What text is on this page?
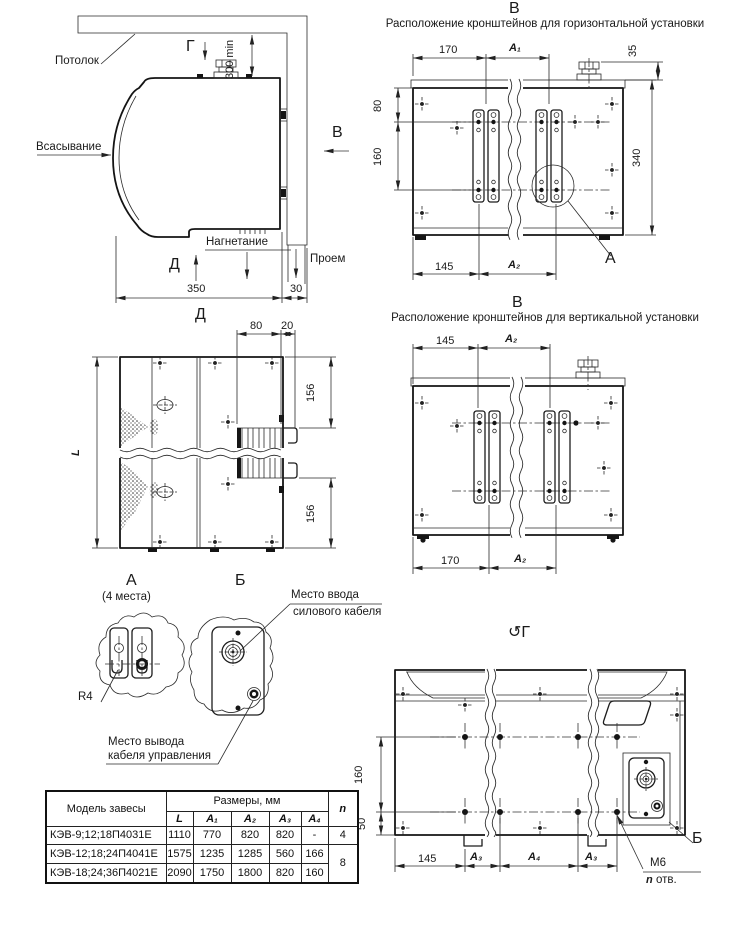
Потолок
Г	300 min
В
Всасывание
Нагнетание
Д	Проем
350	30
В
Расположение кронштейнов для горизонтальной установки
170	A₁	35
80
160	340
145	A₂	А
Д
80 20
156
156
L
В
Расположение кронштейнов для вертикальной установки
145	A₂
170	A₂
А
(4 места)
R4
Б
Место ввода
силового кабеля
Место вывода
кабеля управления
↺Г
160
50
145	A₃	A₄	A₃	М6
n отв.
Б
Модель завесы	Размеры, мм					n
	L	A₁	A₂	A₃	A₄	
КЭВ-9;12;18П4031Е	1110	770	820	820	-	4
КЭВ-12;18;24П4041Е	1575	1235	1285	560	166	8
КЭВ-18;24;36П4021Е	2090	1750	1800	820	160	
